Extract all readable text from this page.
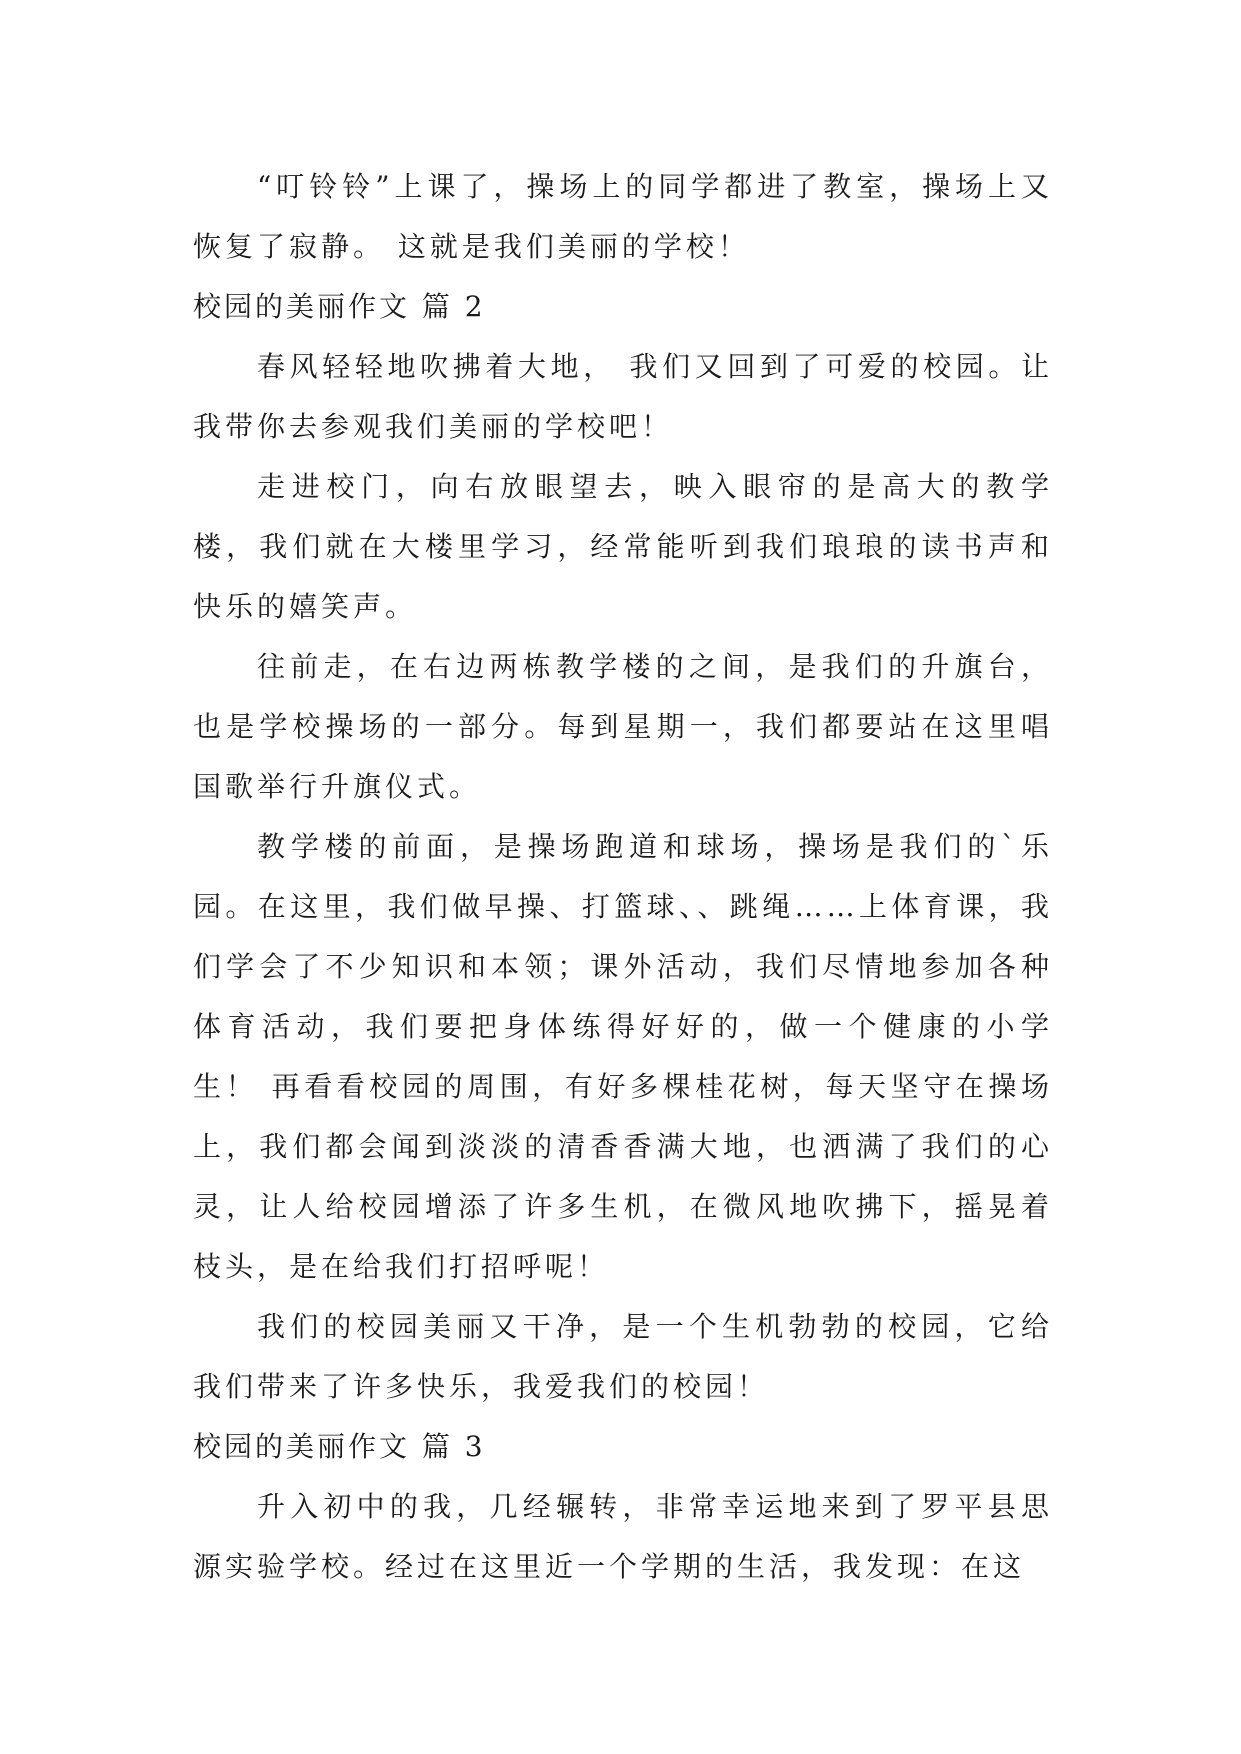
“叮铃铃”上课了，操场上的同学都进了教室，操场上又恢复了寂静。 这就是我们美丽的学校！

校园的美丽作文 篇 2

春风轻轻地吹拂着大地， 我们又回到了可爱的校园。让我带你去参观我们美丽的学校吧！

走进校门，向右放眼望去，映入眼帘的是高大的教学楼，我们就在大楼里学习，经常能听到我们琅琅的读书声和快乐的嬉笑声。

往前走，在右边两栋教学楼的之间，是我们的升旗台，也是学校操场的一部分。每到星期一，我们都要站在这里唱国歌举行升旗仪式。

教学楼的前面，是操场跑道和球场，操场是我们的`乐园。在这里，我们做早操、打篮球、、跳绳……上体育课，我们学会了不少知识和本领；课外活动，我们尽情地参加各种体育活动，我们要把身体练得好好的，做一个健康的小学生！ 再看看校园的周围，有好多棵桂花树，每天坚守在操场上，我们都会闻到淡淡的清香香满大地，也洒满了我们的心灵，让人给校园增添了许多生机，在微风地吹拂下，摇晃着枝头，是在给我们打招呼呢！

我们的校园美丽又干净，是一个生机勃勃的校园，它给我们带来了许多快乐，我爱我们的校园！

校园的美丽作文 篇 3

升入初中的我，几经辗转，非常幸运地来到了罗平县思源实验学校。经过在这里近一个学期的生活，我发现：在这
